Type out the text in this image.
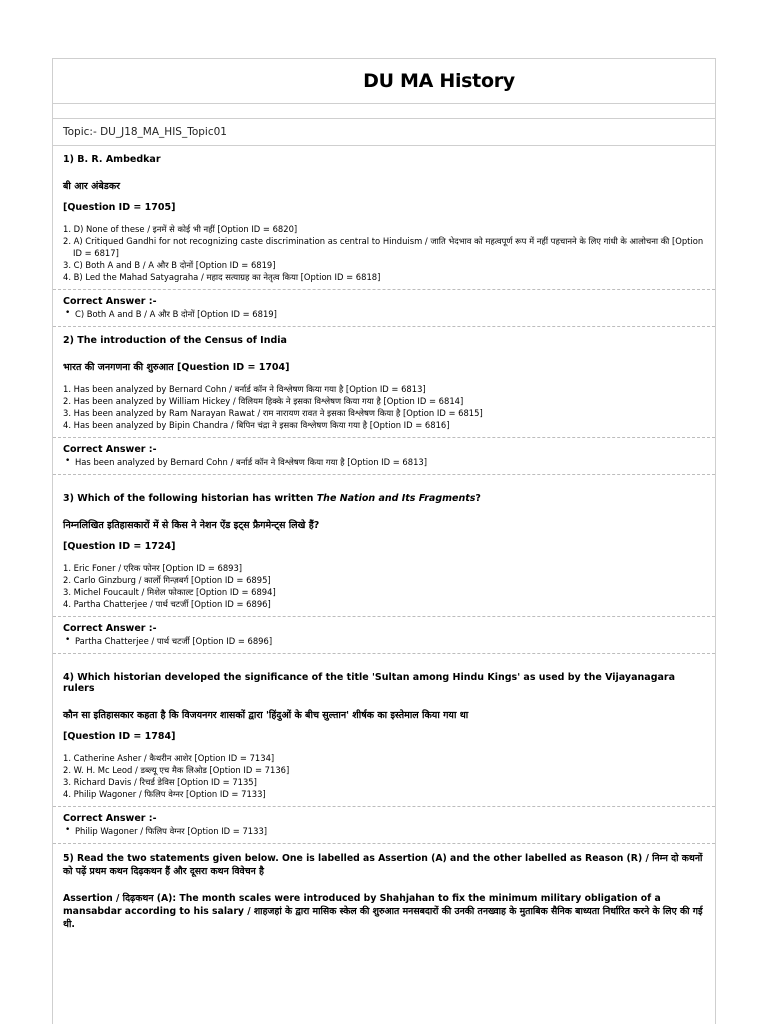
DU MA History
Topic:- DU_J18_MA_HIS_Topic01

1) B. R. Ambedkar

बी आर अंबेडकर

[Question ID = 1705]

1. D) None of these / इनमें से कोई भी नहीं [Option ID = 6820]
2. A) Critiqued Gandhi for not recognizing caste discrimination as central to Hinduism / जाति भेदभाव को महत्वपूर्ण रूप में नहीं पहचानने के लिए गांधी के आलोचना की [Option ID = 6817]
3. C) Both A and B / A और B दोनों [Option ID = 6819]
4. B) Led the Mahad Satyagraha / महाद सत्याग्रह का नेतृत्व किया [Option ID = 6818]

Correct Answer :-

• C) Both A and B / A और B दोनों [Option ID = 6819]

2) The introduction of the Census of India

भारत की जनगणना की शुरुआत [Question ID = 1704]

1. Has been analyzed by Bernard Cohn / बर्नार्ड कॉन ने विश्लेषण किया गया है [Option ID = 6813]
2. Has been analyzed by William Hickey / विलियम हिक्के ने इसका विश्लेषण किया गया है [Option ID = 6814]
3. Has been analyzed by Ram Narayan Rawat / राम नारायण रावत ने इसका विश्लेषण किया है [Option ID = 6815]
4. Has been analyzed by Bipin Chandra / बिपिन चंद्रा ने इसका विश्लेषण किया गया है [Option ID = 6816]

Correct Answer :-

• Has been analyzed by Bernard Cohn / बर्नार्ड कॉन ने विश्लेषण किया गया है [Option ID = 6813]

3) Which of the following historian has written The Nation and Its Fragments?

निम्नलिखित इतिहासकारों में से किस ने नेशन ऐंड इट्स फ्रैगमेन्ट्स लिखे हैं?

[Question ID = 1724]

1. Eric Foner / एरिक फोनर [Option ID = 6893]
2. Carlo Ginzburg / कार्लो गिन्ज़बर्ग [Option ID = 6895]
3. Michel Foucault / मिशेल फोकाल्ट [Option ID = 6894]
4. Partha Chatterjee / पार्थ चटर्जी [Option ID = 6896]

Correct Answer :-

• Partha Chatterjee / पार्थ चटर्जी [Option ID = 6896]

4) Which historian developed the significance of the title 'Sultan among Hindu Kings' as used by the Vijayanagara rulers

कौन सा इतिहासकार कहता है कि विजयनगर शासकों द्वारा 'हिंदुओं के बीच सुल्तान' शीर्षक का इस्तेमाल किया गया था

[Question ID = 1784]

1. Catherine Asher / कैथरीन आशेर [Option ID = 7134]
2. W. H. Mc Leod / डब्ल्यू एच मैक लिओड [Option ID = 7136]
3. Richard Davis / रिचर्ड डेविस [Option ID = 7135]
4. Philip Wagoner / फिलिप वेग्नर [Option ID = 7133]

Correct Answer :-

• Philip Wagoner / फिलिप वेग्नर [Option ID = 7133]

5) Read the two statements given below. One is labelled as Assertion (A) and the other labelled as Reason (R) / निम्न दो कथनों को पढ़ें प्रथम कथन दिढ़कथन हैं और दूसरा कथन विवेचन है

Assertion / दिढ़कथन (A): The month scales were introduced by Shahjahan to fix the minimum military obligation of a mansabdar according to his salary / शाहजहां के द्वारा मासिक स्केल की शुरुआत मनसबदारों की उनकी तनख्वाह के मुताबिक सैनिक बाध्यता निर्धारित करने के लिए की गई थी.
